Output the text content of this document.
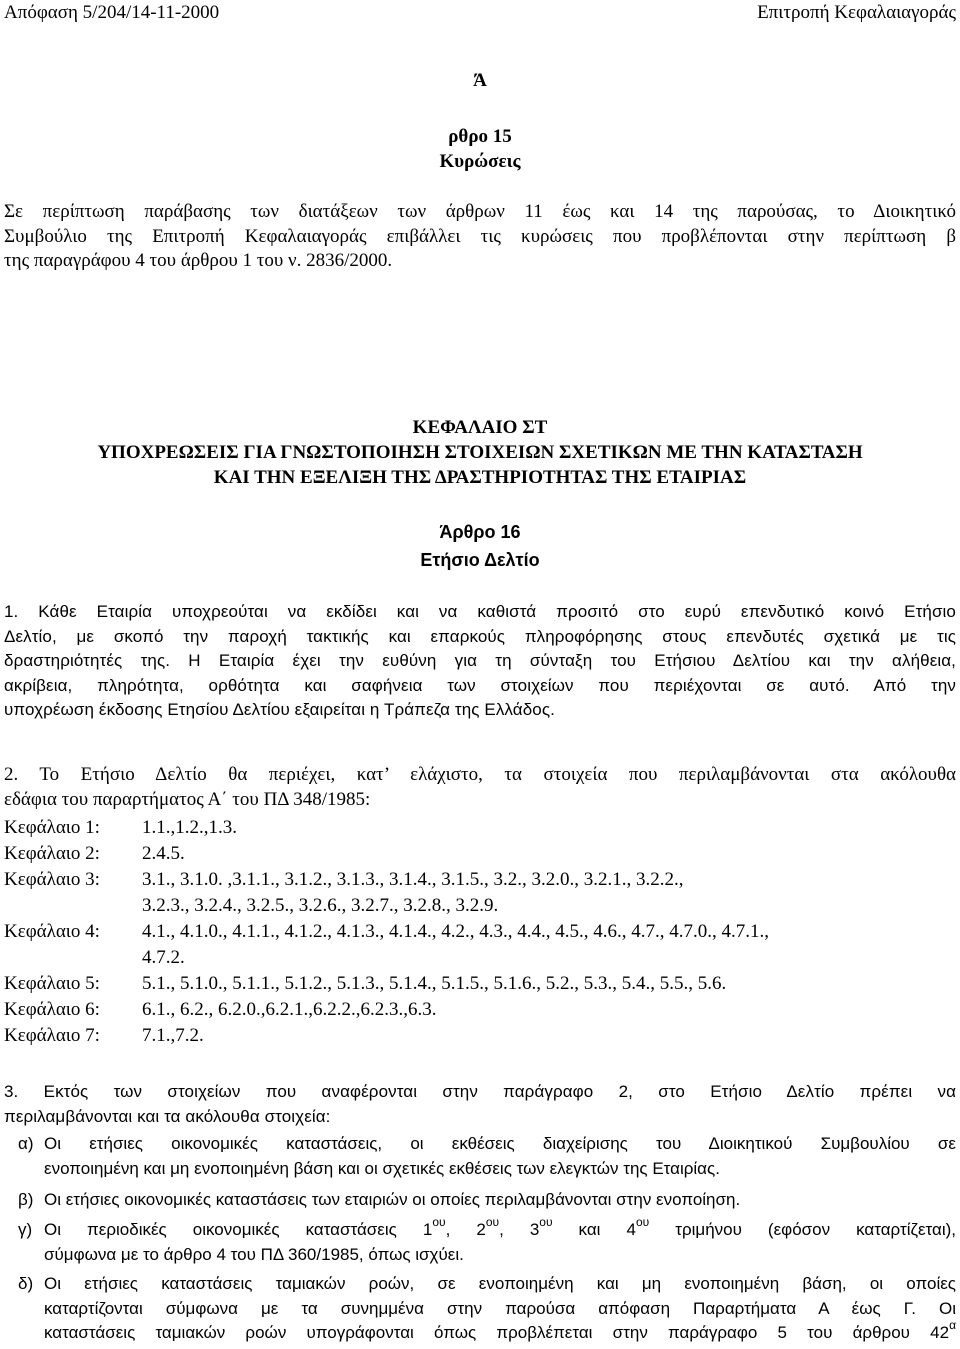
Απόφαση 5/204/14-11-2000	Επιτροπή Κεφαλαιαγοράς
Ά
ρθρο 15
Κυρώσεις
Σε περίπτωση παράβασης των διατάξεων των άρθρων 11 έως και 14 της παρούσας, το Διοικητικό
Συμβούλιο της Επιτροπή Κεφαλαιαγοράς επιβάλλει τις κυρώσεις που προβλέπονται στην περίπτωση β
της παραγράφου 4 του άρθρου 1 του ν. 2836/2000.
ΚΕΦΑΛΑΙΟ ΣΤ
ΥΠΟΧΡΕΩΣΕΙΣ ΓΙΑ ΓΝΩΣΤΟΠΟΙΗΣΗ ΣΤΟΙΧΕΙΩΝ ΣΧΕΤΙΚΩΝ ΜΕ ΤΗΝ ΚΑΤΑΣΤΑΣΗ
ΚΑΙ ΤΗΝ ΕΞΕΛΙΞΗ ΤΗΣ ΔΡΑΣΤΗΡΙΟΤΗΤΑΣ ΤΗΣ ΕΤΑΙΡΙΑΣ
Άρθρο 16
Ετήσιο Δελτίο
1. Κάθε Εταιρία υποχρεούται να εκδίδει και να καθιστά προσιτό στο ευρύ επενδυτικό κοινό Ετήσιο
Δελτίο, με σκοπό την παροχή τακτικής και επαρκούς πληροφόρησης στους επενδυτές σχετικά με τις
δραστηριότητές της. Η Εταιρία έχει την ευθύνη για τη σύνταξη του Ετήσιου Δελτίου και την αλήθεια,
ακρίβεια, πληρότητα, ορθότητα και σαφήνεια των στοιχείων που περιέχονται σε αυτό. Από την
υποχρέωση έκδοσης Ετησίου Δελτίου εξαιρείται η Τράπεζα της Ελλάδος.
2. Το Ετήσιο Δελτίο θα περιέχει, κατ’ ελάχιστο, τα στοιχεία που περιλαμβάνονται στα ακόλουθα
εδάφια του παραρτήματος Α΄ του ΠΔ 348/1985:
Κεφάλαιο 1: 1.1.,1.2.,1.3.
Κεφάλαιο 2: 2.4.5.
Κεφάλαιο 3: 3.1., 3.1.0. ,3.1.1., 3.1.2., 3.1.3., 3.1.4., 3.1.5., 3.2., 3.2.0., 3.2.1., 3.2.2.,
3.2.3., 3.2.4., 3.2.5., 3.2.6., 3.2.7., 3.2.8., 3.2.9.
Κεφάλαιο 4: 4.1., 4.1.0., 4.1.1., 4.1.2., 4.1.3., 4.1.4., 4.2., 4.3., 4.4., 4.5., 4.6., 4.7., 4.7.0., 4.7.1.,
4.7.2.
Κεφάλαιο 5: 5.1., 5.1.0., 5.1.1., 5.1.2., 5.1.3., 5.1.4., 5.1.5., 5.1.6., 5.2., 5.3., 5.4., 5.5., 5.6.
Κεφάλαιο 6: 6.1., 6.2., 6.2.0.,6.2.1.,6.2.2.,6.2.3.,6.3.
Κεφάλαιο 7: 7.1.,7.2.
3. Εκτός των στοιχείων που αναφέρονται στην παράγραφο 2, στο Ετήσιο Δελτίο πρέπει να
περιλαμβάνονται και τα ακόλουθα στοιχεία:
α) Οι ετήσιες οικονομικές καταστάσεις, οι εκθέσεις διαχείρισης του Διοικητικού Συμβουλίου σε
ενοποιημένη και μη ενοποιημένη βάση και οι σχετικές εκθέσεις των ελεγκτών της Εταιρίας.
β) Οι ετήσιες οικονομικές καταστάσεις των εταιριών οι οποίες περιλαμβάνονται στην ενοποίηση.
γ) Οι περιοδικές οικονομικές καταστάσεις $1^{o\upsilon}$, $2^{o\upsilon}$, $3^{o\upsilon}$ και $4^{o\upsilon}$ τριμήνου (εφόσον καταρτίζεται),
σύμφωνα με το άρθρο 4 του ΠΔ 360/1985, όπως ισχύει.
δ) Οι ετήσιες καταστάσεις ταμιακών ροών, σε ενοποιημένη και μη ενοποιημένη βάση, οι οποίες
καταρτίζονται σύμφωνα με τα συνημμένα στην παρούσα απόφαση Παραρτήματα Α έως Γ. Οι
καταστάσεις ταμιακών ροών υπογράφονται όπως προβλέπεται στην παράγραφο 5 του άρθρου $42^\alpha$
